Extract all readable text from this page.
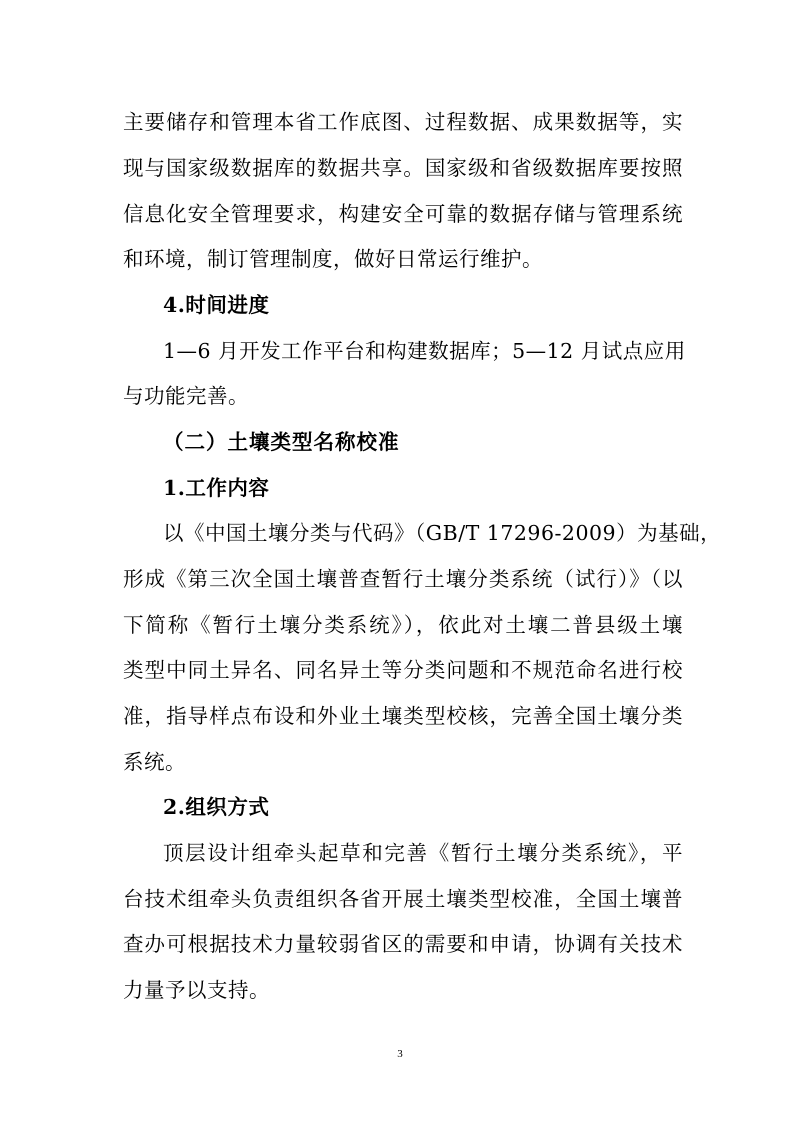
主要储存和管理本省工作底图、过程数据、成果数据等，实
现与国家级数据库的数据共享。国家级和省级数据库要按照
信息化安全管理要求，构建安全可靠的数据存储与管理系统
和环境，制订管理制度，做好日常运行维护。
4.时间进度
1—6 月开发工作平台和构建数据库；5—12 月试点应用
与功能完善。
（二）土壤类型名称校准
1.工作内容
以《中国土壤分类与代码》（GB/T 17296-2009）为基础，
形成《第三次全国土壤普查暂行土壤分类系统（试行）》（以
下简称《暂行土壤分类系统》），依此对土壤二普县级土壤
类型中同土异名、同名异土等分类问题和不规范命名进行校
准，指导样点布设和外业土壤类型校核，完善全国土壤分类
系统。
2.组织方式
顶层设计组牵头起草和完善《暂行土壤分类系统》，平
台技术组牵头负责组织各省开展土壤类型校准，全国土壤普
查办可根据技术力量较弱省区的需要和申请，协调有关技术
力量予以支持。
3
